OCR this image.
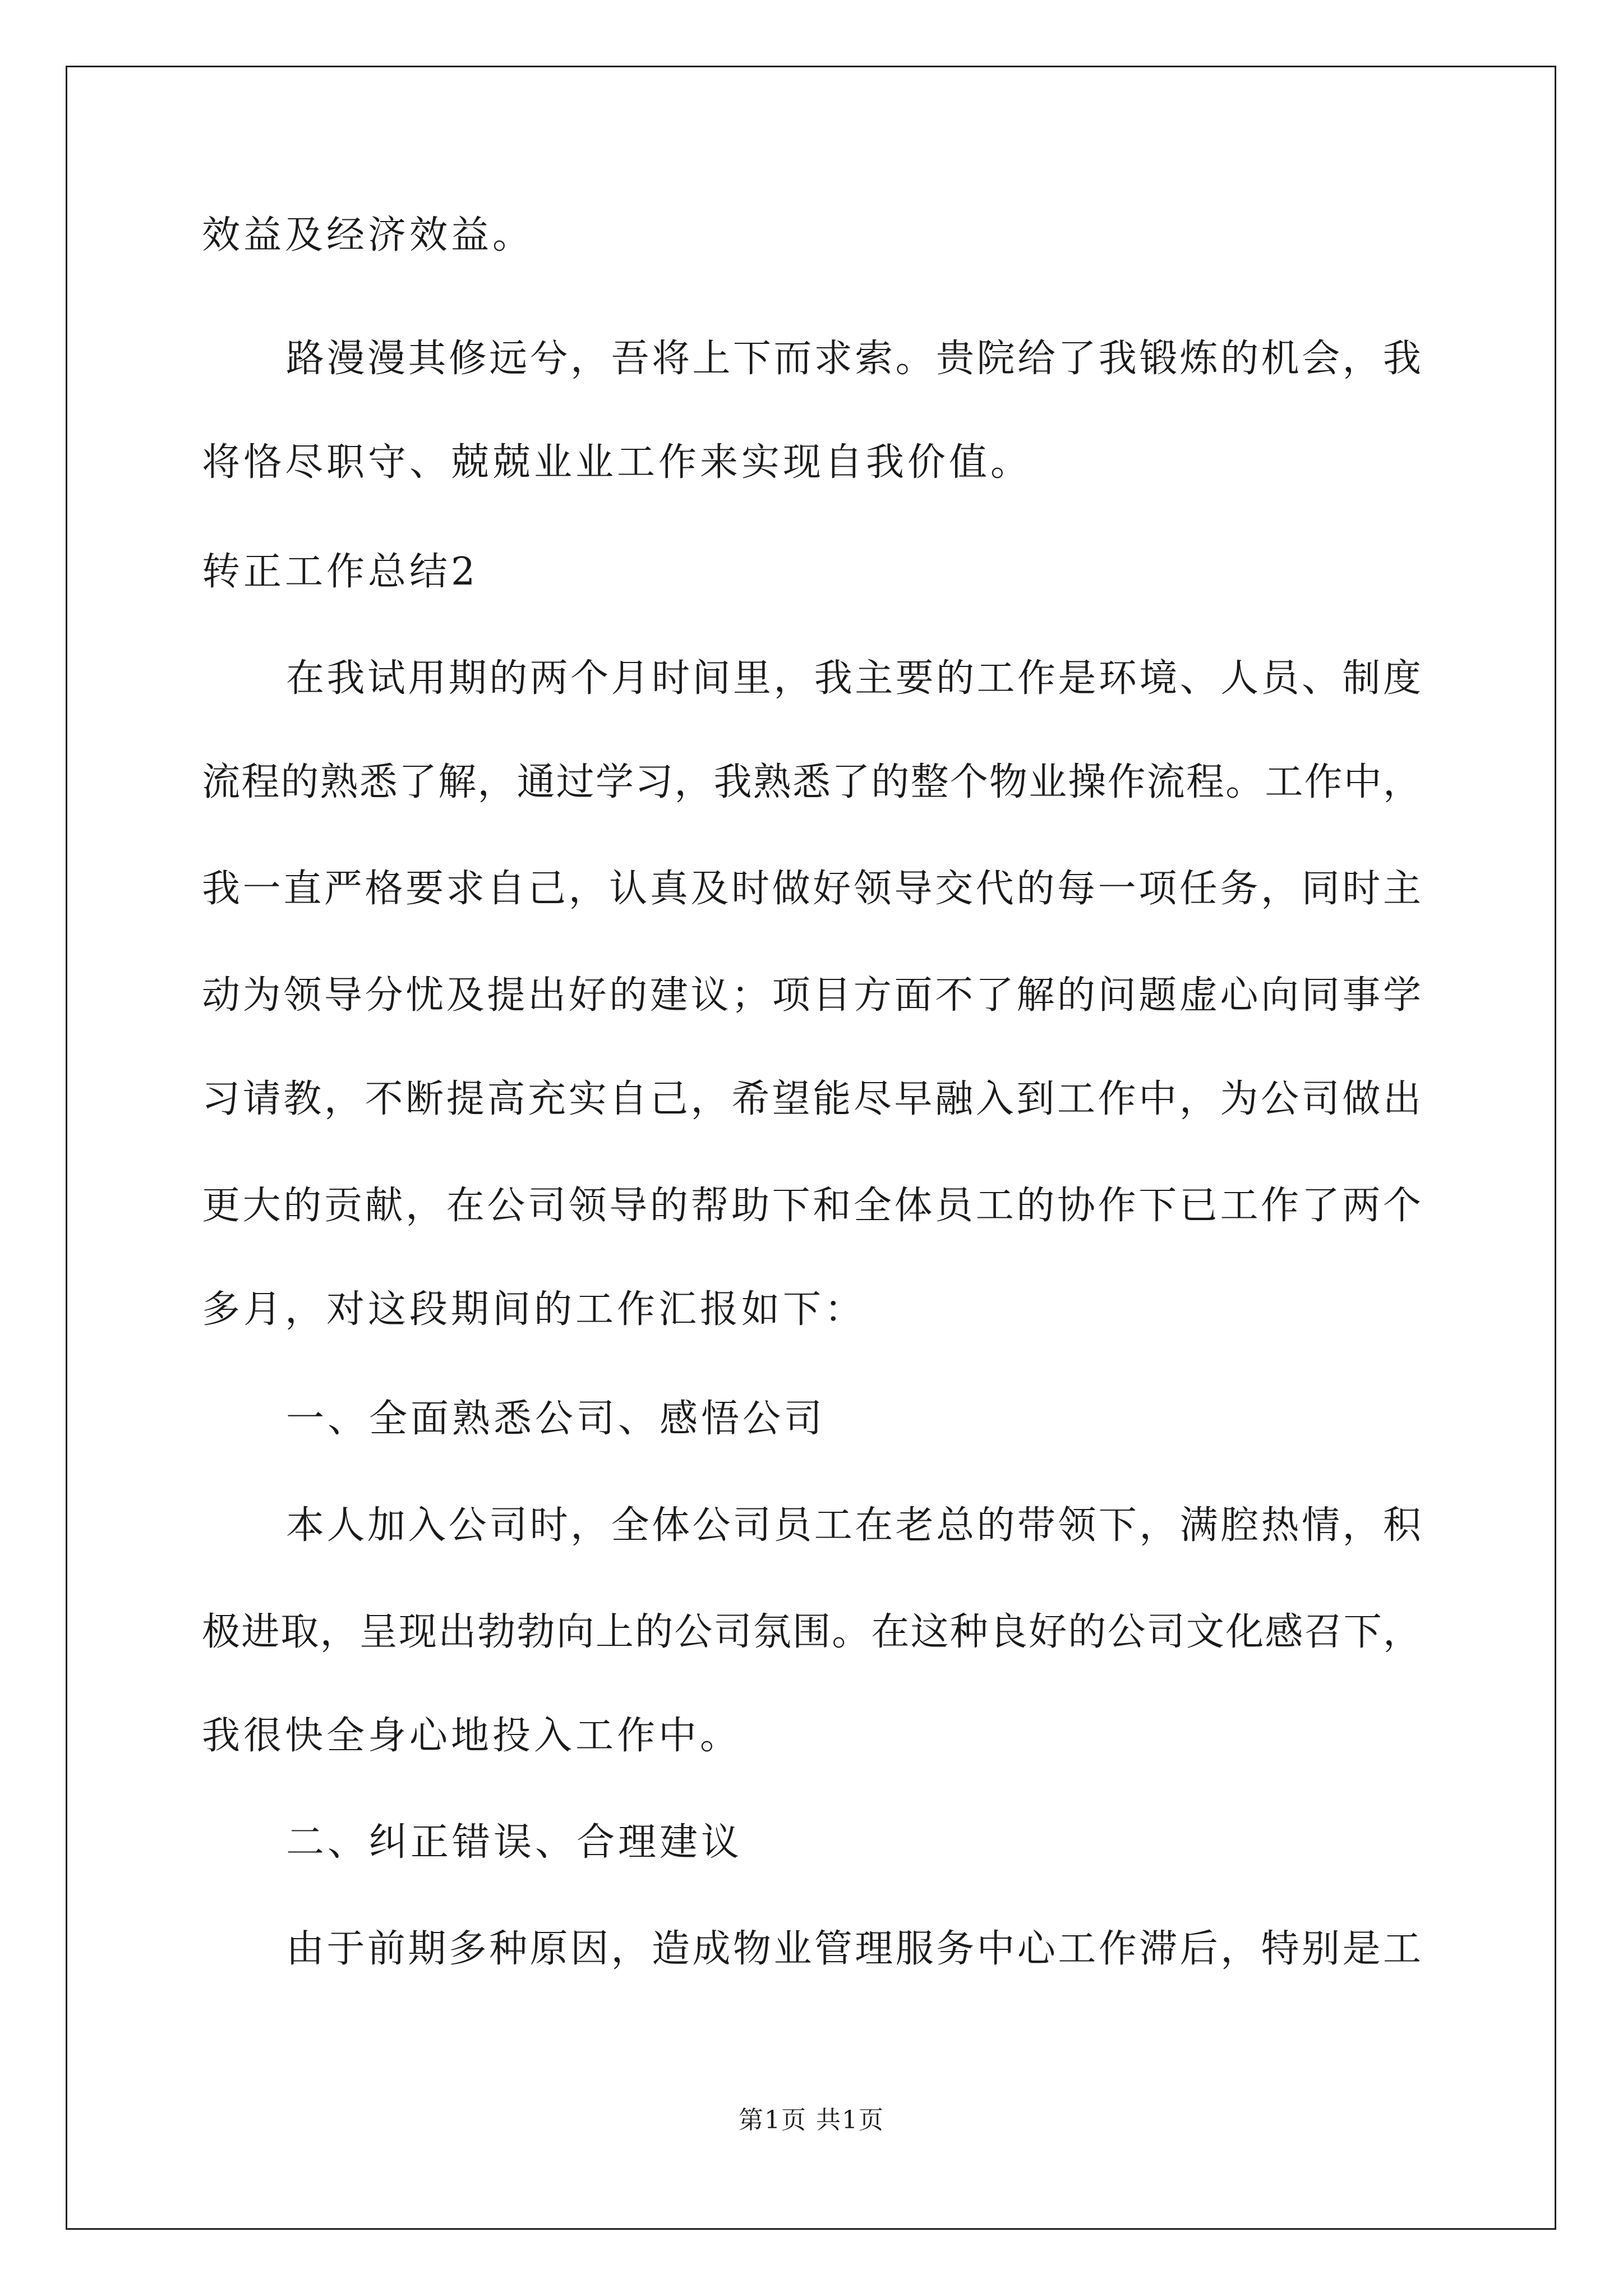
效益及经济效益。

路漫漫其修远兮，吾将上下而求索。贵院给了我锻炼的机会，我

将恪尽职守、兢兢业业工作来实现自我价值。

转正工作总结2

在我试用期的两个月时间里，我主要的工作是环境、人员、制度

流程的熟悉了解，通过学习，我熟悉了的整个物业操作流程。工作中，

我一直严格要求自己，认真及时做好领导交代的每一项任务，同时主

动为领导分忧及提出好的建议；项目方面不了解的问题虚心向同事学

习请教，不断提高充实自己，希望能尽早融入到工作中，为公司做出

更大的贡献，在公司领导的帮助下和全体员工的协作下已工作了两个

多月，对这段期间的工作汇报如下：

一、全面熟悉公司、感悟公司

本人加入公司时，全体公司员工在老总的带领下，满腔热情，积

极进取，呈现出勃勃向上的公司氛围。在这种良好的公司文化感召下，

我很快全身心地投入工作中。

二、纠正错误、合理建议

由于前期多种原因，造成物业管理服务中心工作滞后，特别是工

第1页 共1页
